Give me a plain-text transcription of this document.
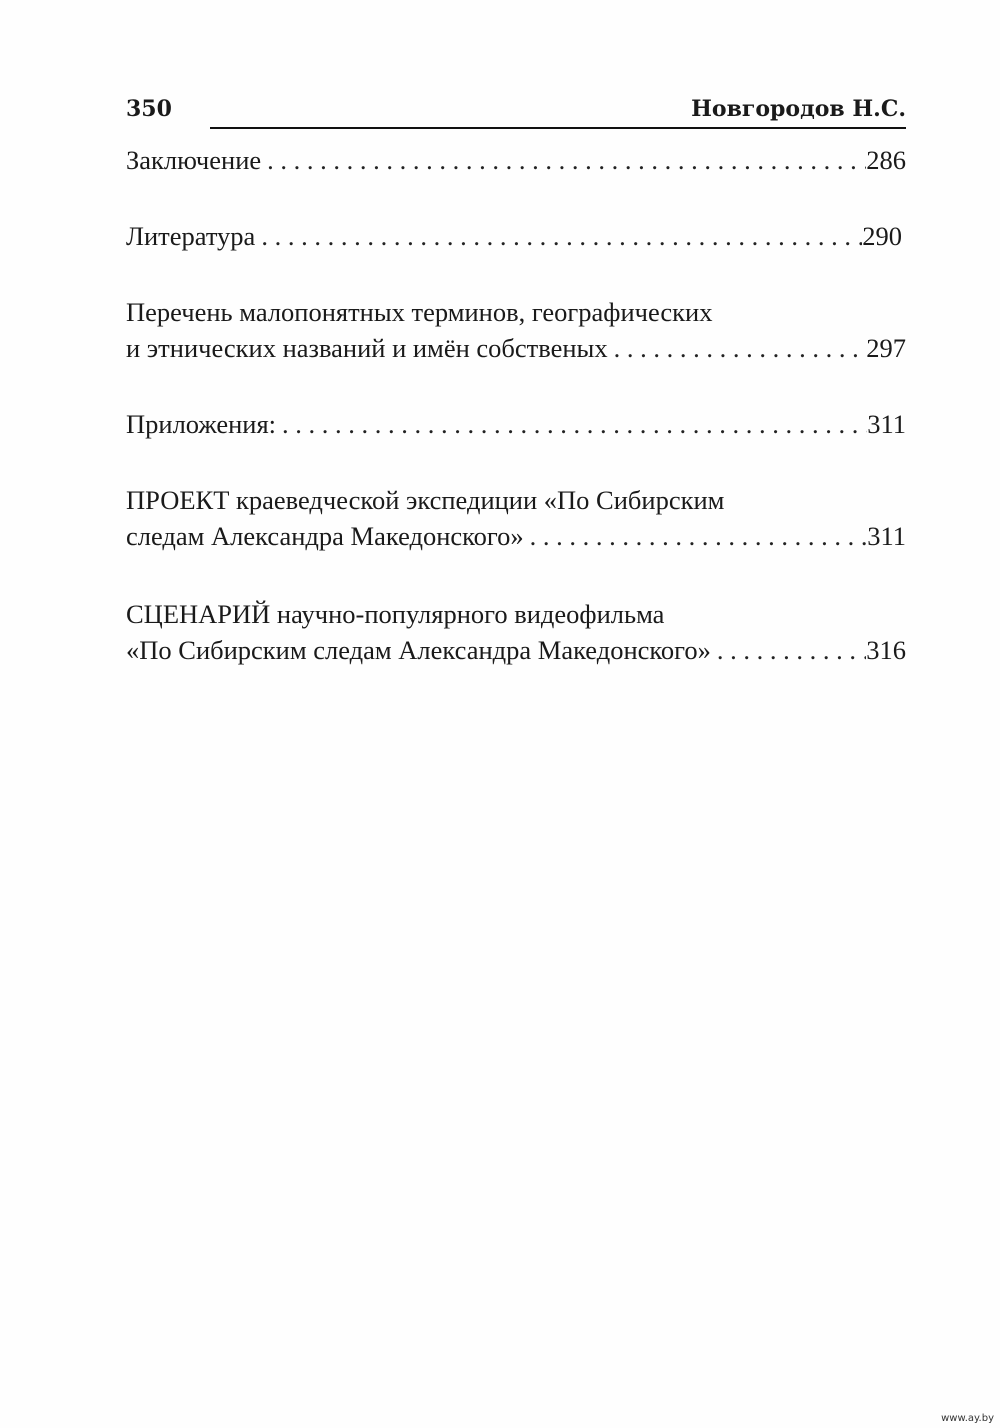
350	Новгородов Н.С.
Заключение . . .	286
Литература . . .	290
Перечень малопонятных терминов, географических
и этнических названий и имён собственых . . .	297
Приложения: . . .	311
ПРОЕКТ краеведческой экспедиции «По Сибирским
следам Александра Македонского» . . .	311
СЦЕНАРИЙ научно-популярного видеофильма
«По Сибирским следам Александра Македонского» . . .	316
www.ay.by
